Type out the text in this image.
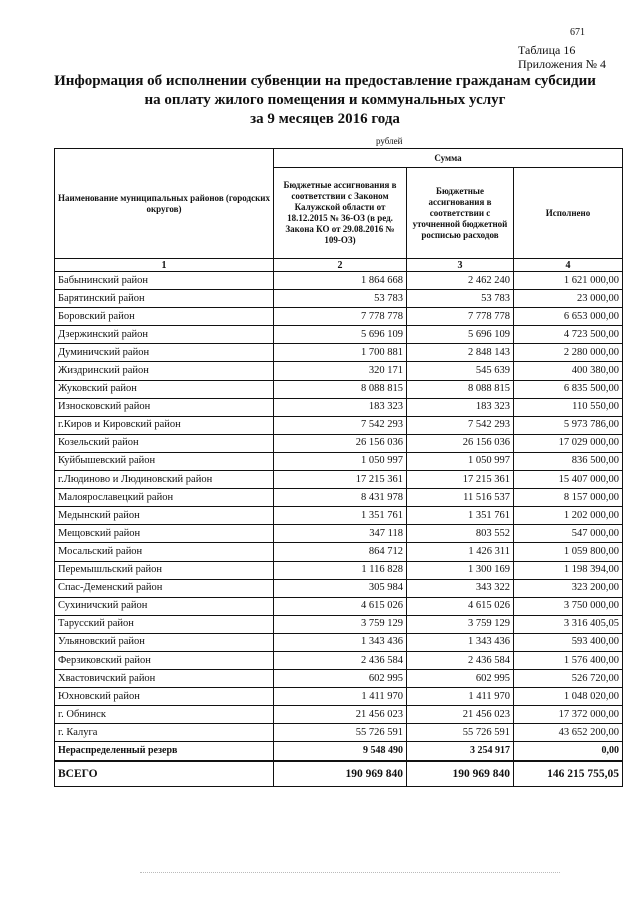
671
Таблица 16
Приложения № 4
Информация об исполнении субвенции на предоставление гражданам субсидии
на оплату жилого помещения и коммунальных услуг
за 9 месяцев 2016 года
рублей
Наименование муниципальных районов (городских округов)	Сумма		
	Бюджетные ассигнования в соответствии с Законом Калужской области от 18.12.2015 № 36-ОЗ (в ред. Закона КО от 29.08.2016 № 109-ОЗ)	Бюджетные ассигнования в соответствии с уточненной бюджетной росписью расходов	Исполнено
1	2	3	4
Бабынинский район	1 864 668	2 462 240	1 621 000,00
Барятинский район	53 783	53 783	23 000,00
Боровский район	7 778 778	7 778 778	6 653 000,00
Дзержинский район	5 696 109	5 696 109	4 723 500,00
Думиничский район	1 700 881	2 848 143	2 280 000,00
Жиздринский район	320 171	545 639	400 380,00
Жуковский район	8 088 815	8 088 815	6 835 500,00
Износковский район	183 323	183 323	110 550,00
г.Киров и Кировский район	7 542 293	7 542 293	5 973 786,00
Козельский район	26 156 036	26 156 036	17 029 000,00
Куйбышевский район	1 050 997	1 050 997	836 500,00
г.Людиново и Людиновский район	17 215 361	17 215 361	15 407 000,00
Малоярославецкий район	8 431 978	11 516 537	8 157 000,00
Медынский район	1 351 761	1 351 761	1 202 000,00
Мещовский район	347 118	803 552	547 000,00
Мосальский район	864 712	1 426 311	1 059 800,00
Перемышльский район	1 116 828	1 300 169	1 198 394,00
Спас-Деменский район	305 984	343 322	323 200,00
Сухиничский район	4 615 026	4 615 026	3 750 000,00
Тарусский район	3 759 129	3 759 129	3 316 405,05
Ульяновский район	1 343 436	1 343 436	593 400,00
Ферзиковский район	2 436 584	2 436 584	1 576 400,00
Хвастовичский район	602 995	602 995	526 720,00
Юхновский район	1 411 970	1 411 970	1 048 020,00
г. Обнинск	21 456 023	21 456 023	17 372 000,00
г. Калуга	55 726 591	55 726 591	43 652 200,00
Нераспределенный резерв	9 548 490	3 254 917	0,00
ВСЕГО	190 969 840	190 969 840	146 215 755,05
